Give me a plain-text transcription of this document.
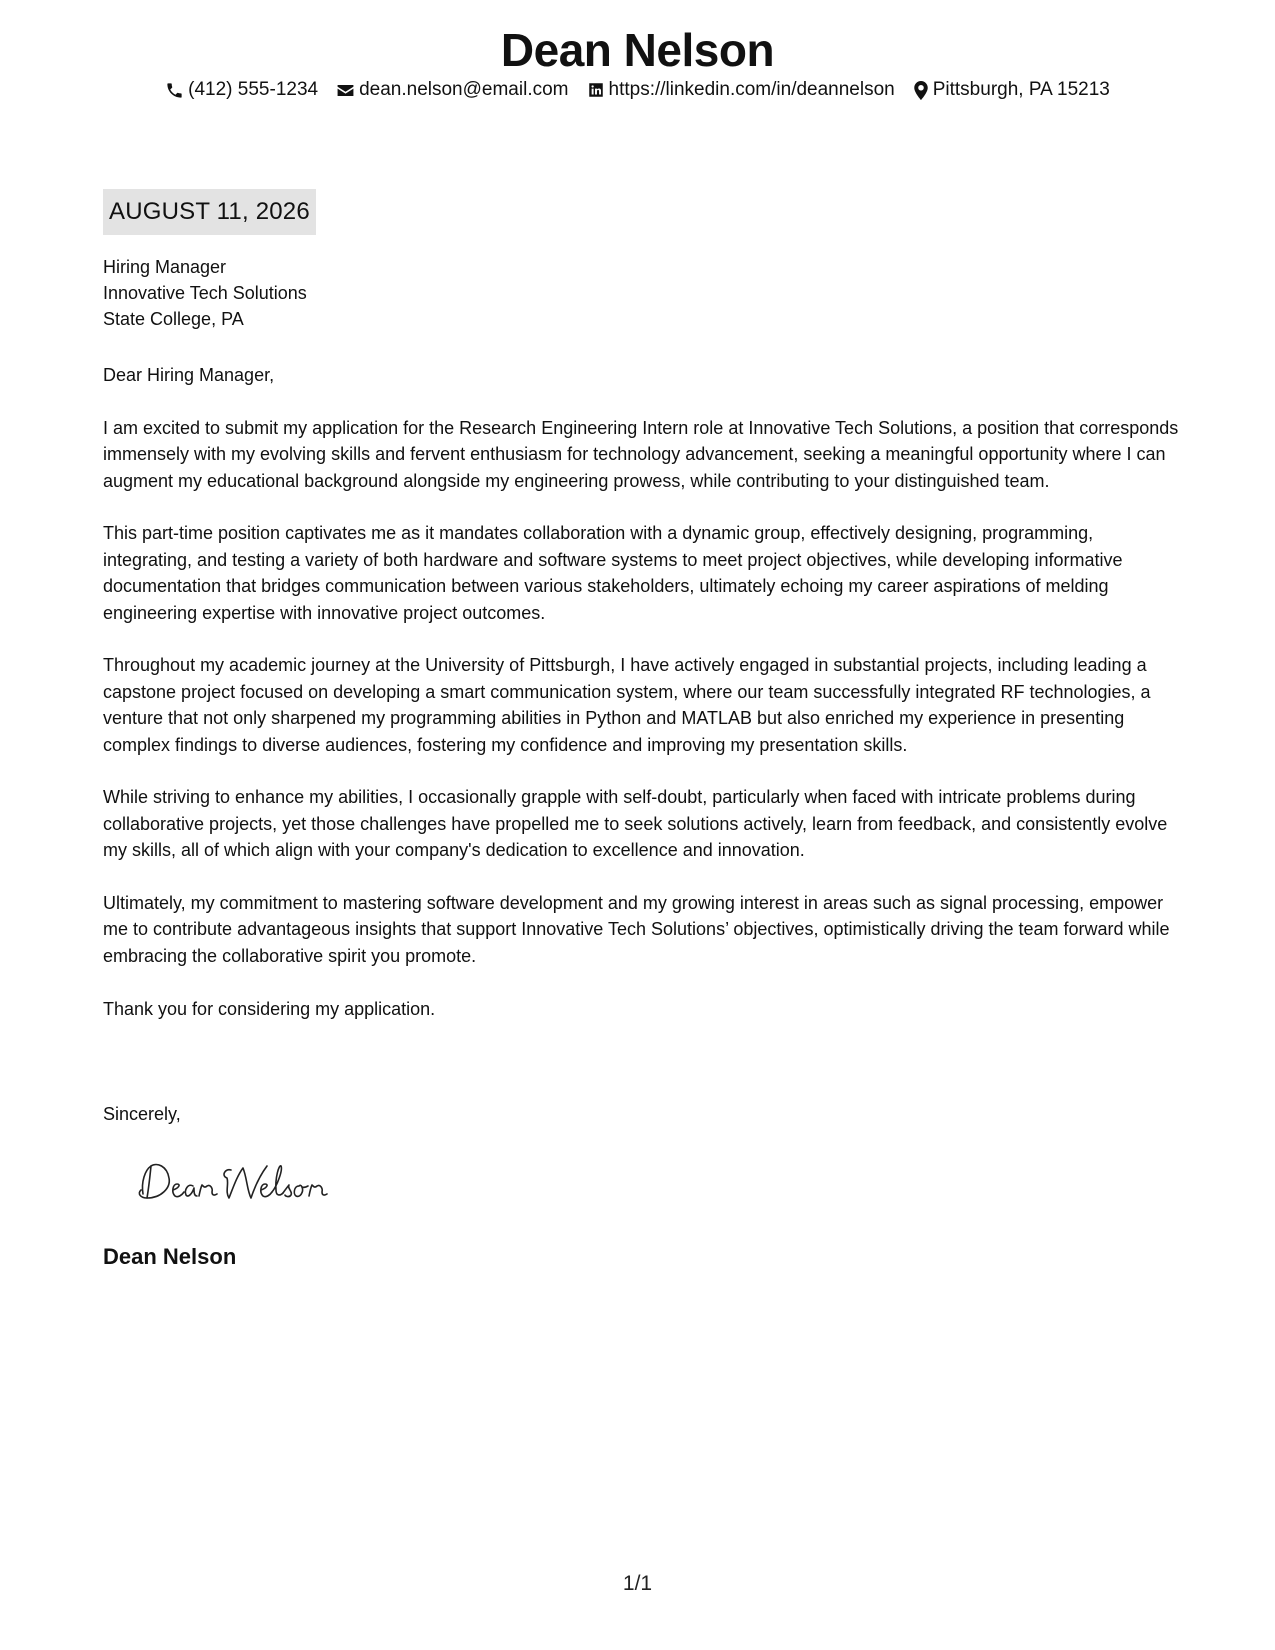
Dean Nelson
(412) 555-1234 dean.nelson@email.com https://linkedin.com/in/deannelson Pittsburgh, PA 15213
AUGUST 11, 2026
Hiring Manager
Innovative Tech Solutions
State College, PA

Dear Hiring Manager,

I am excited to submit my application for the Research Engineering Intern role at Innovative Tech Solutions, a position that corresponds immensely with my evolving skills and fervent enthusiasm for technology advancement, seeking a meaningful opportunity where I can augment my educational background alongside my engineering prowess, while contributing to your distinguished team.

This part-time position captivates me as it mandates collaboration with a dynamic group, effectively designing, programming, integrating, and testing a variety of both hardware and software systems to meet project objectives, while developing informative documentation that bridges communication between various stakeholders, ultimately echoing my career aspirations of melding engineering expertise with innovative project outcomes.

Throughout my academic journey at the University of Pittsburgh, I have actively engaged in substantial projects, including leading a capstone project focused on developing a smart communication system, where our team successfully integrated RF technologies, a venture that not only sharpened my programming abilities in Python and MATLAB but also enriched my experience in presenting complex findings to diverse audiences, fostering my confidence and improving my presentation skills.

While striving to enhance my abilities, I occasionally grapple with self-doubt, particularly when faced with intricate problems during collaborative projects, yet those challenges have propelled me to seek solutions actively, learn from feedback, and consistently evolve my skills, all of which align with your company's dedication to excellence and innovation.

Ultimately, my commitment to mastering software development and my growing interest in areas such as signal processing, empower me to contribute advantageous insights that support Innovative Tech Solutions’ objectives, optimistically driving the team forward while embracing the collaborative spirit you promote.

Thank you for considering my application.

Sincerely,
Dean Nelson
1/1
